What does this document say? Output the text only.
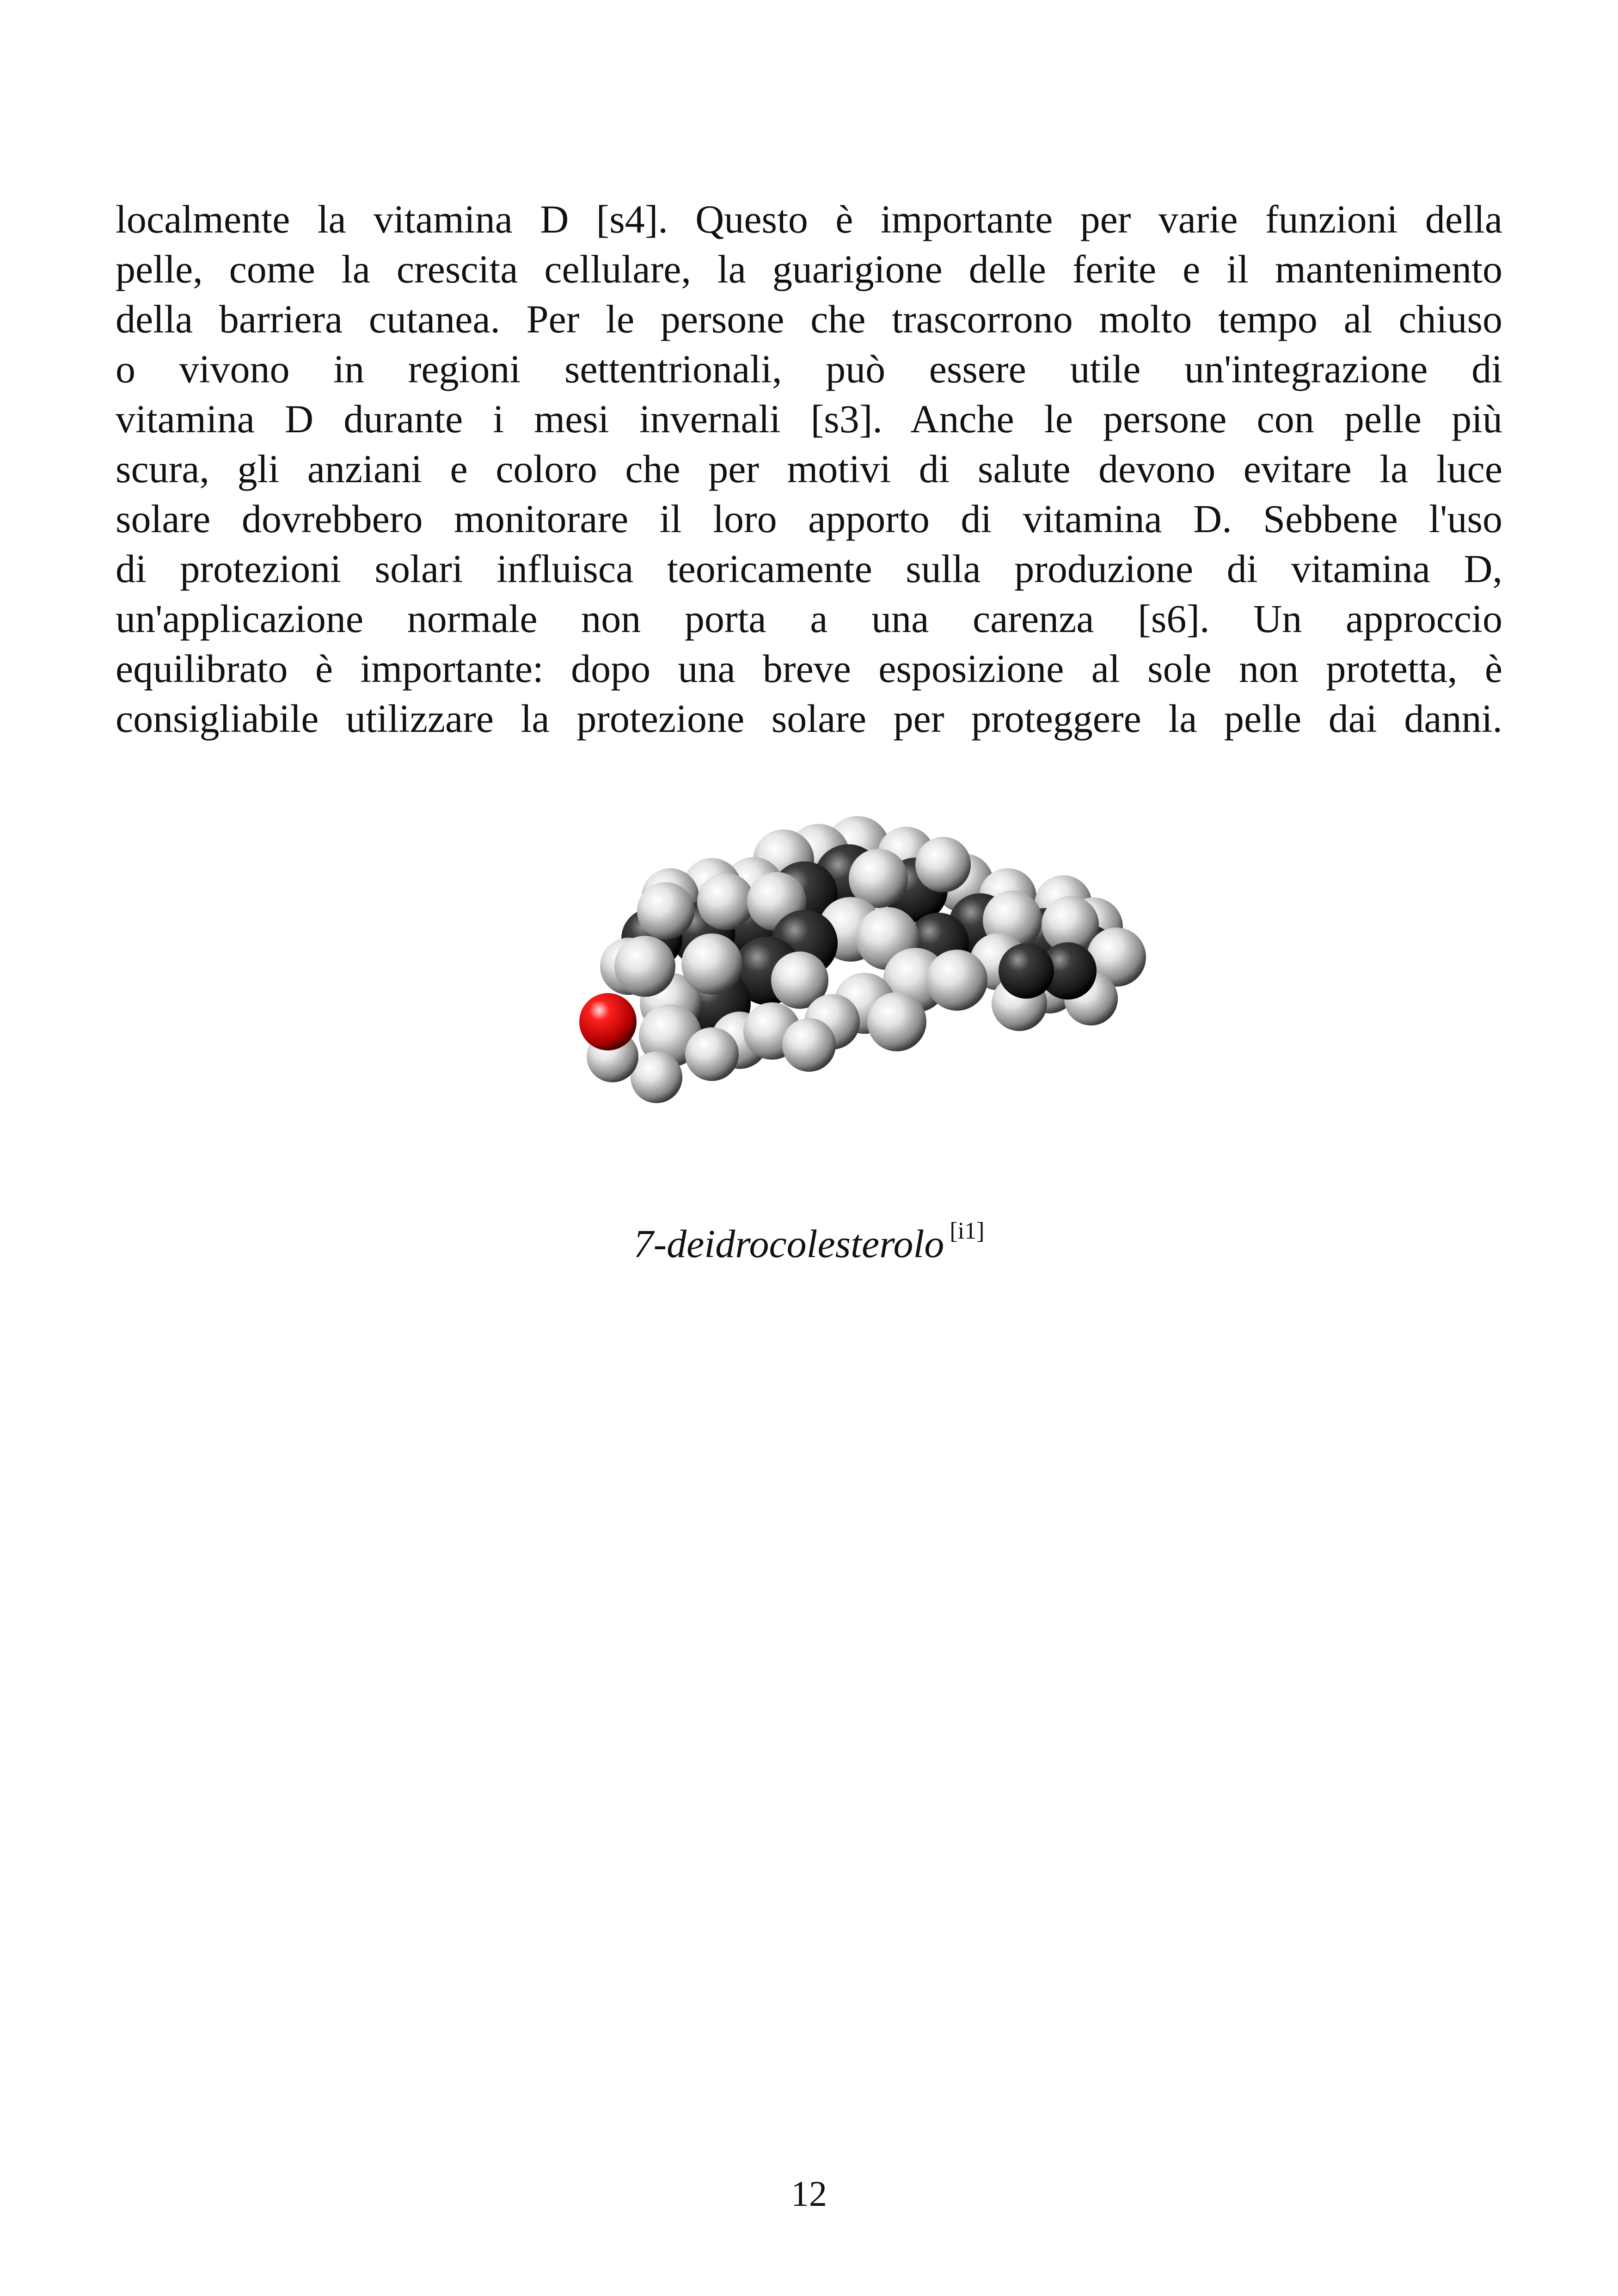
localmente la vitamina D [s4]. Questo è importante per varie funzioni della
pelle, come la crescita cellulare, la guarigione delle ferite e il mantenimento
della barriera cutanea. Per le persone che trascorrono molto tempo al chiuso
o vivono in regioni settentrionali, può essere utile un'integrazione di
vitamina D durante i mesi invernali [s3]. Anche le persone con pelle più
scura, gli anziani e coloro che per motivi di salute devono evitare la luce
solare dovrebbero monitorare il loro apporto di vitamina D. Sebbene l'uso
di protezioni solari influisca teoricamente sulla produzione di vitamina D,
un'applicazione normale non porta a una carenza [s6]. Un approccio
equilibrato è importante: dopo una breve esposizione al sole non protetta, è
consigliabile utilizzare la protezione solare per proteggere la pelle dai danni.
7-deidrocolesterolo [i1]
12
